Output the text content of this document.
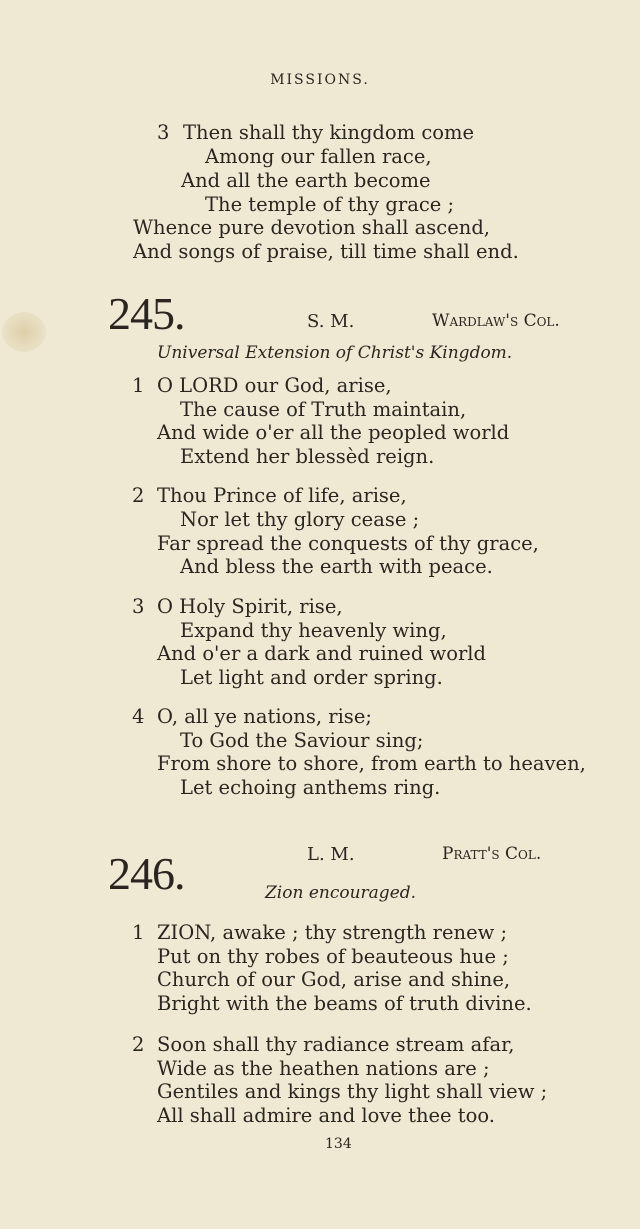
MISSIONS.
3 Then shall thy kingdom come
Among our fallen race,
And all the earth become
The temple of thy grace ;
Whence pure devotion shall ascend,
And songs of praise, till time shall end.
245.	S. M.	Wardlaw's Col.
Universal Extension of Christ's Kingdom.
1 O LORD our God, arise,
The cause of Truth maintain,
And wide o'er all the peopled world
Extend her blessèd reign.
2 Thou Prince of life, arise,
Nor let thy glory cease ;
Far spread the conquests of thy grace,
And bless the earth with peace.
3 O Holy Spirit, rise,
Expand thy heavenly wing,
And o'er a dark and ruined world
Let light and order spring.
4 O, all ye nations, rise;
To God the Saviour sing;
From shore to shore, from earth to heaven,
Let echoing anthems ring.
246.	L. M.	Pratt's Col.
Zion encouraged.
1 ZION, awake ; thy strength renew ;
Put on thy robes of beauteous hue ;
Church of our God, arise and shine,
Bright with the beams of truth divine.
2 Soon shall thy radiance stream afar,
Wide as the heathen nations are ;
Gentiles and kings thy light shall view ;
All shall admire and love thee too.
134
